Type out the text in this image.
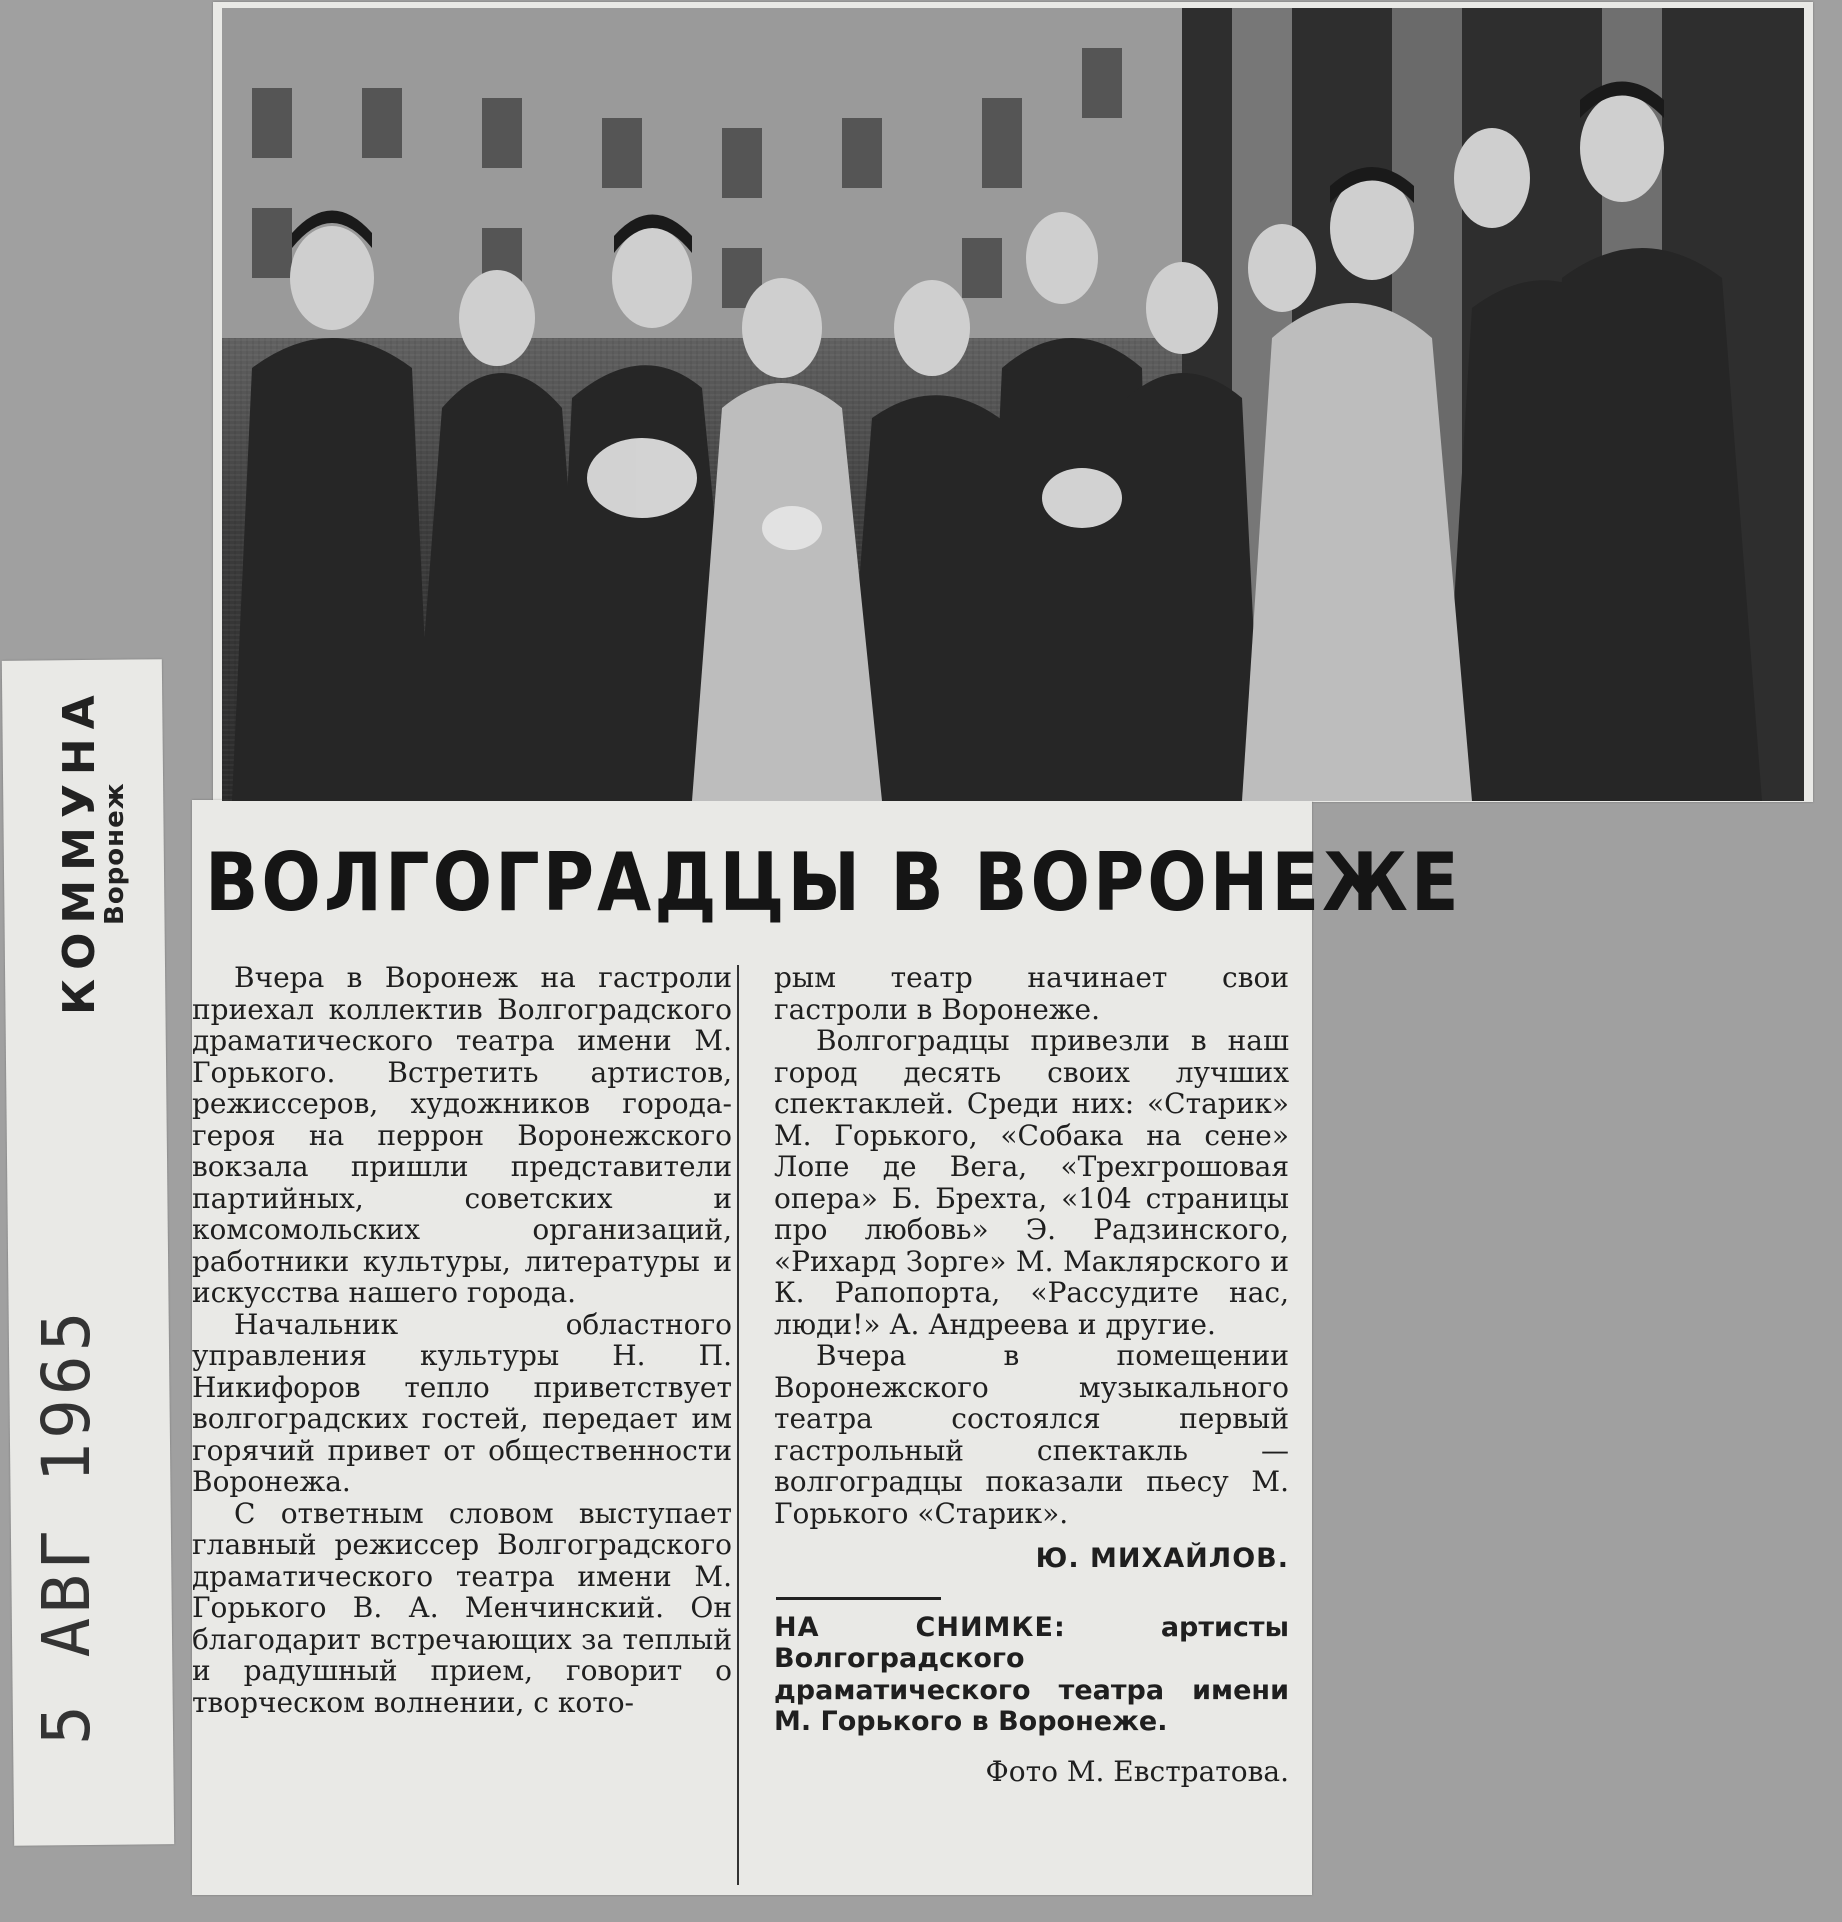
КОММУНА
Воронеж
5 АВГ 1965
ВОЛГОГРАДЦЫ В ВОРОНЕЖЕ

Вчера в Воронеж на гастроли приехал коллектив Волгоградского драматического театра имени М. Горького. Встретить артистов, режиссеров, художников города-героя на перрон Воронежского вокзала пришли представители партийных, советских и комсомольских организаций, работники культуры, литературы и искусства нашего города.

Начальник областного управления культуры Н. П. Никифоров тепло приветствует волгоградских гостей, передает им горячий привет от общественности Воронежа.

С ответным словом выступает главный режиссер Волгоградского драматического театра имени М. Горького В. А. Менчинский. Он благодарит встречающих за теплый и радушный прием, говорит о творческом волнении, с кото-

рым театр начинает свои гастроли в Воронеже.

Волгоградцы привезли в наш город десять своих лучших спектаклей. Среди них: «Старик» М. Горького, «Собака на сене» Лопе де Вега, «Трехгрошовая опера» Б. Брехта, «104 страницы про любовь» Э. Радзинского, «Рихард Зорге» М. Маклярского и К. Рапопорта, «Рассудите нас, люди!» А. Андреева и другие.

Вчера в помещении Воронежского музыкального театра состоялся первый гастрольный спектакль — волгоградцы показали пьесу М. Горького «Старик».

Ю. МИХАЙЛОВ.
НА СНИМКЕ:	артисты Волгоградского драматического театра имени М. Горького в Воронеже.
Фото М. Евстратова.
